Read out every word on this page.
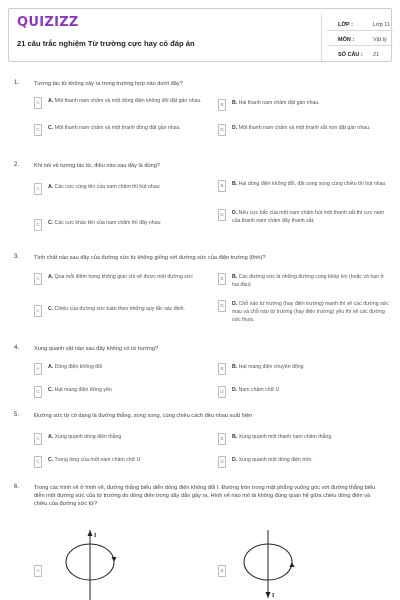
QUIZIZZ
21 câu trắc nghiệm Từ trường cực hay có đáp án
LỚP :	Lớp 11
MÔN :	Vật lý
SỐ CÂU : 21
1.	Tương tác từ không xảy ra trong trường hợp nào dưới đây?
A	A. Một thanh nam châm và một dòng điện không đổi đặt gần nhau.
B	B. Hai thanh nam châm đặt gần nhau.
C	C. Một thanh nam châm và một thanh đồng đặt gần nhau	D	D. Một thanh nam châm và một thanh sắt non đặt gần nhau.
2.	Khi nói về tương tác từ, điều nào sau đây là đúng?
A	A. Các cực cùng tên của nam châm thì hút nhau	B	B. Hai dòng điện không đổi, đặt song song cùng chiều thì hút nhau
C	C. Các cực khác tên của nam châm thì đẩy nhau
D	D. Nếu cực bắc của một nam châm hút một thanh sắt thì cực nam của thanh nam châm đẩy thanh sắt.
3.	Tính chất nào sau đây của đường sức từ không giống với đường sức của điện trường (tĩnh)?
A	A. Qua mỗi điểm trong không gian chỉ vẽ được một đường sức	B	B. Các đường sức là những đường cong khép kín (hoặc vô hạn ở hai đầu)
C	C. Chiều của đường sức tuân theo những quy tắc xác định.
D	D. Chỗ nào từ trường (hay điện trường) mạnh thì vẽ các đường sức mau và chỗ nào từ trường (hay điện trường) yếu thì vẽ các đường sức thưa.
4.	Xung quanh vật nào sau đây không có từ trường?
A	A. Dòng điện không đổi	B	B. Hạt mang điện chuyển động
C	C. Hạt mang điện đứng yên	D	D. Nam châm chữ U
5.	Đường sức từ có dạng là đường thẳng, song song, cùng chiều cách đều nhau xuất hiện
A	A. Xung quanh dòng điện thẳng	B	B. Xung quanh một thanh nam châm thẳng
C	C. Trong lòng của một nam châm chữ U	D	D. Xung quanh một dòng điện tròn.
6.	Trong các hình vẽ ở hình vẽ, đường thẳng biểu diễn dòng điện không đổi I. Đường tròn trong mặt phẳng vuông góc với đường thẳng biểu diễn một đường sức của từ trường do dòng điện trong dây dẫn gây ra. Hình vẽ nào mô tả không đúng quan hệ giữa chiều dòng điện và chiều của đường sức từ?
A	B
I
I
